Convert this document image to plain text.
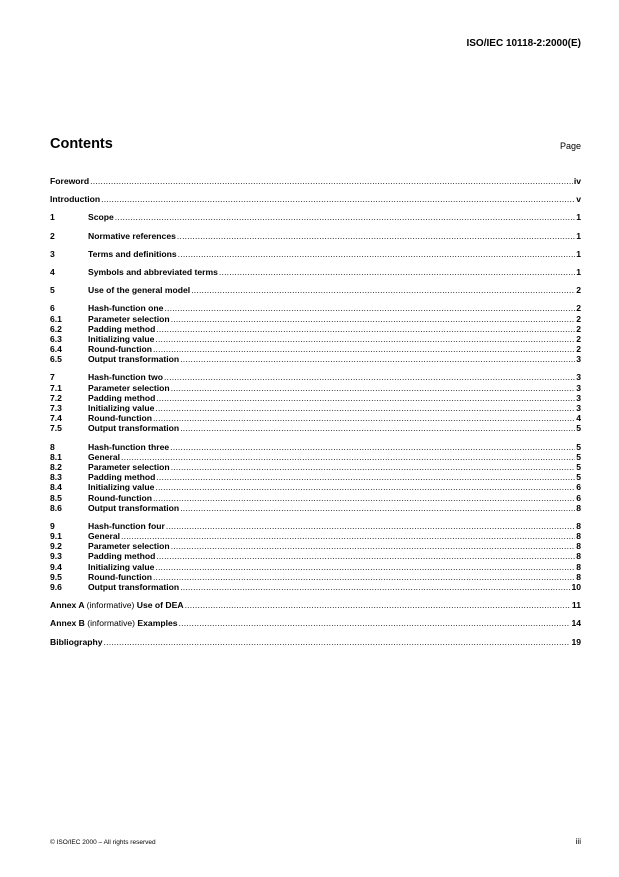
ISO/IEC 10118-2:2000(E)
Contents	Page
Foreword .....	iv
Introduction .....	v
1	Scope .....	1
2	Normative references .....	1
3	Terms and definitions .....	1
4	Symbols and abbreviated terms .....	1
5	Use of the general model .....	2
6	Hash-function one .....	2
6.1	Parameter selection .....	2
6.2	Padding method .....	2
6.3	Initializing value .....	2
6.4	Round-function .....	2
6.5	Output transformation .....	3
7	Hash-function two .....	3
7.1	Parameter selection .....	3
7.2	Padding method .....	3
7.3	Initializing value .....	3
7.4	Round-function .....	4
7.5	Output transformation .....	5
8	Hash-function three .....	5
8.1	General .....	5
8.2	Parameter selection .....	5
8.3	Padding method .....	5
8.4	Initializing value .....	6
8.5	Round-function .....	6
8.6	Output transformation .....	8
9	Hash-function four .....	8
9.1	General .....	8
9.2	Parameter selection .....	8
9.3	Padding method .....	8
9.4	Initializing value .....	8
9.5	Round-function .....	8
9.6	Output transformation .....	10
Annex A (informative) Use of DEA .....	11
Annex B (informative) Examples .....	14
Bibliography .....	19
© ISO/IEC 2000 – All rights reserved	iii
